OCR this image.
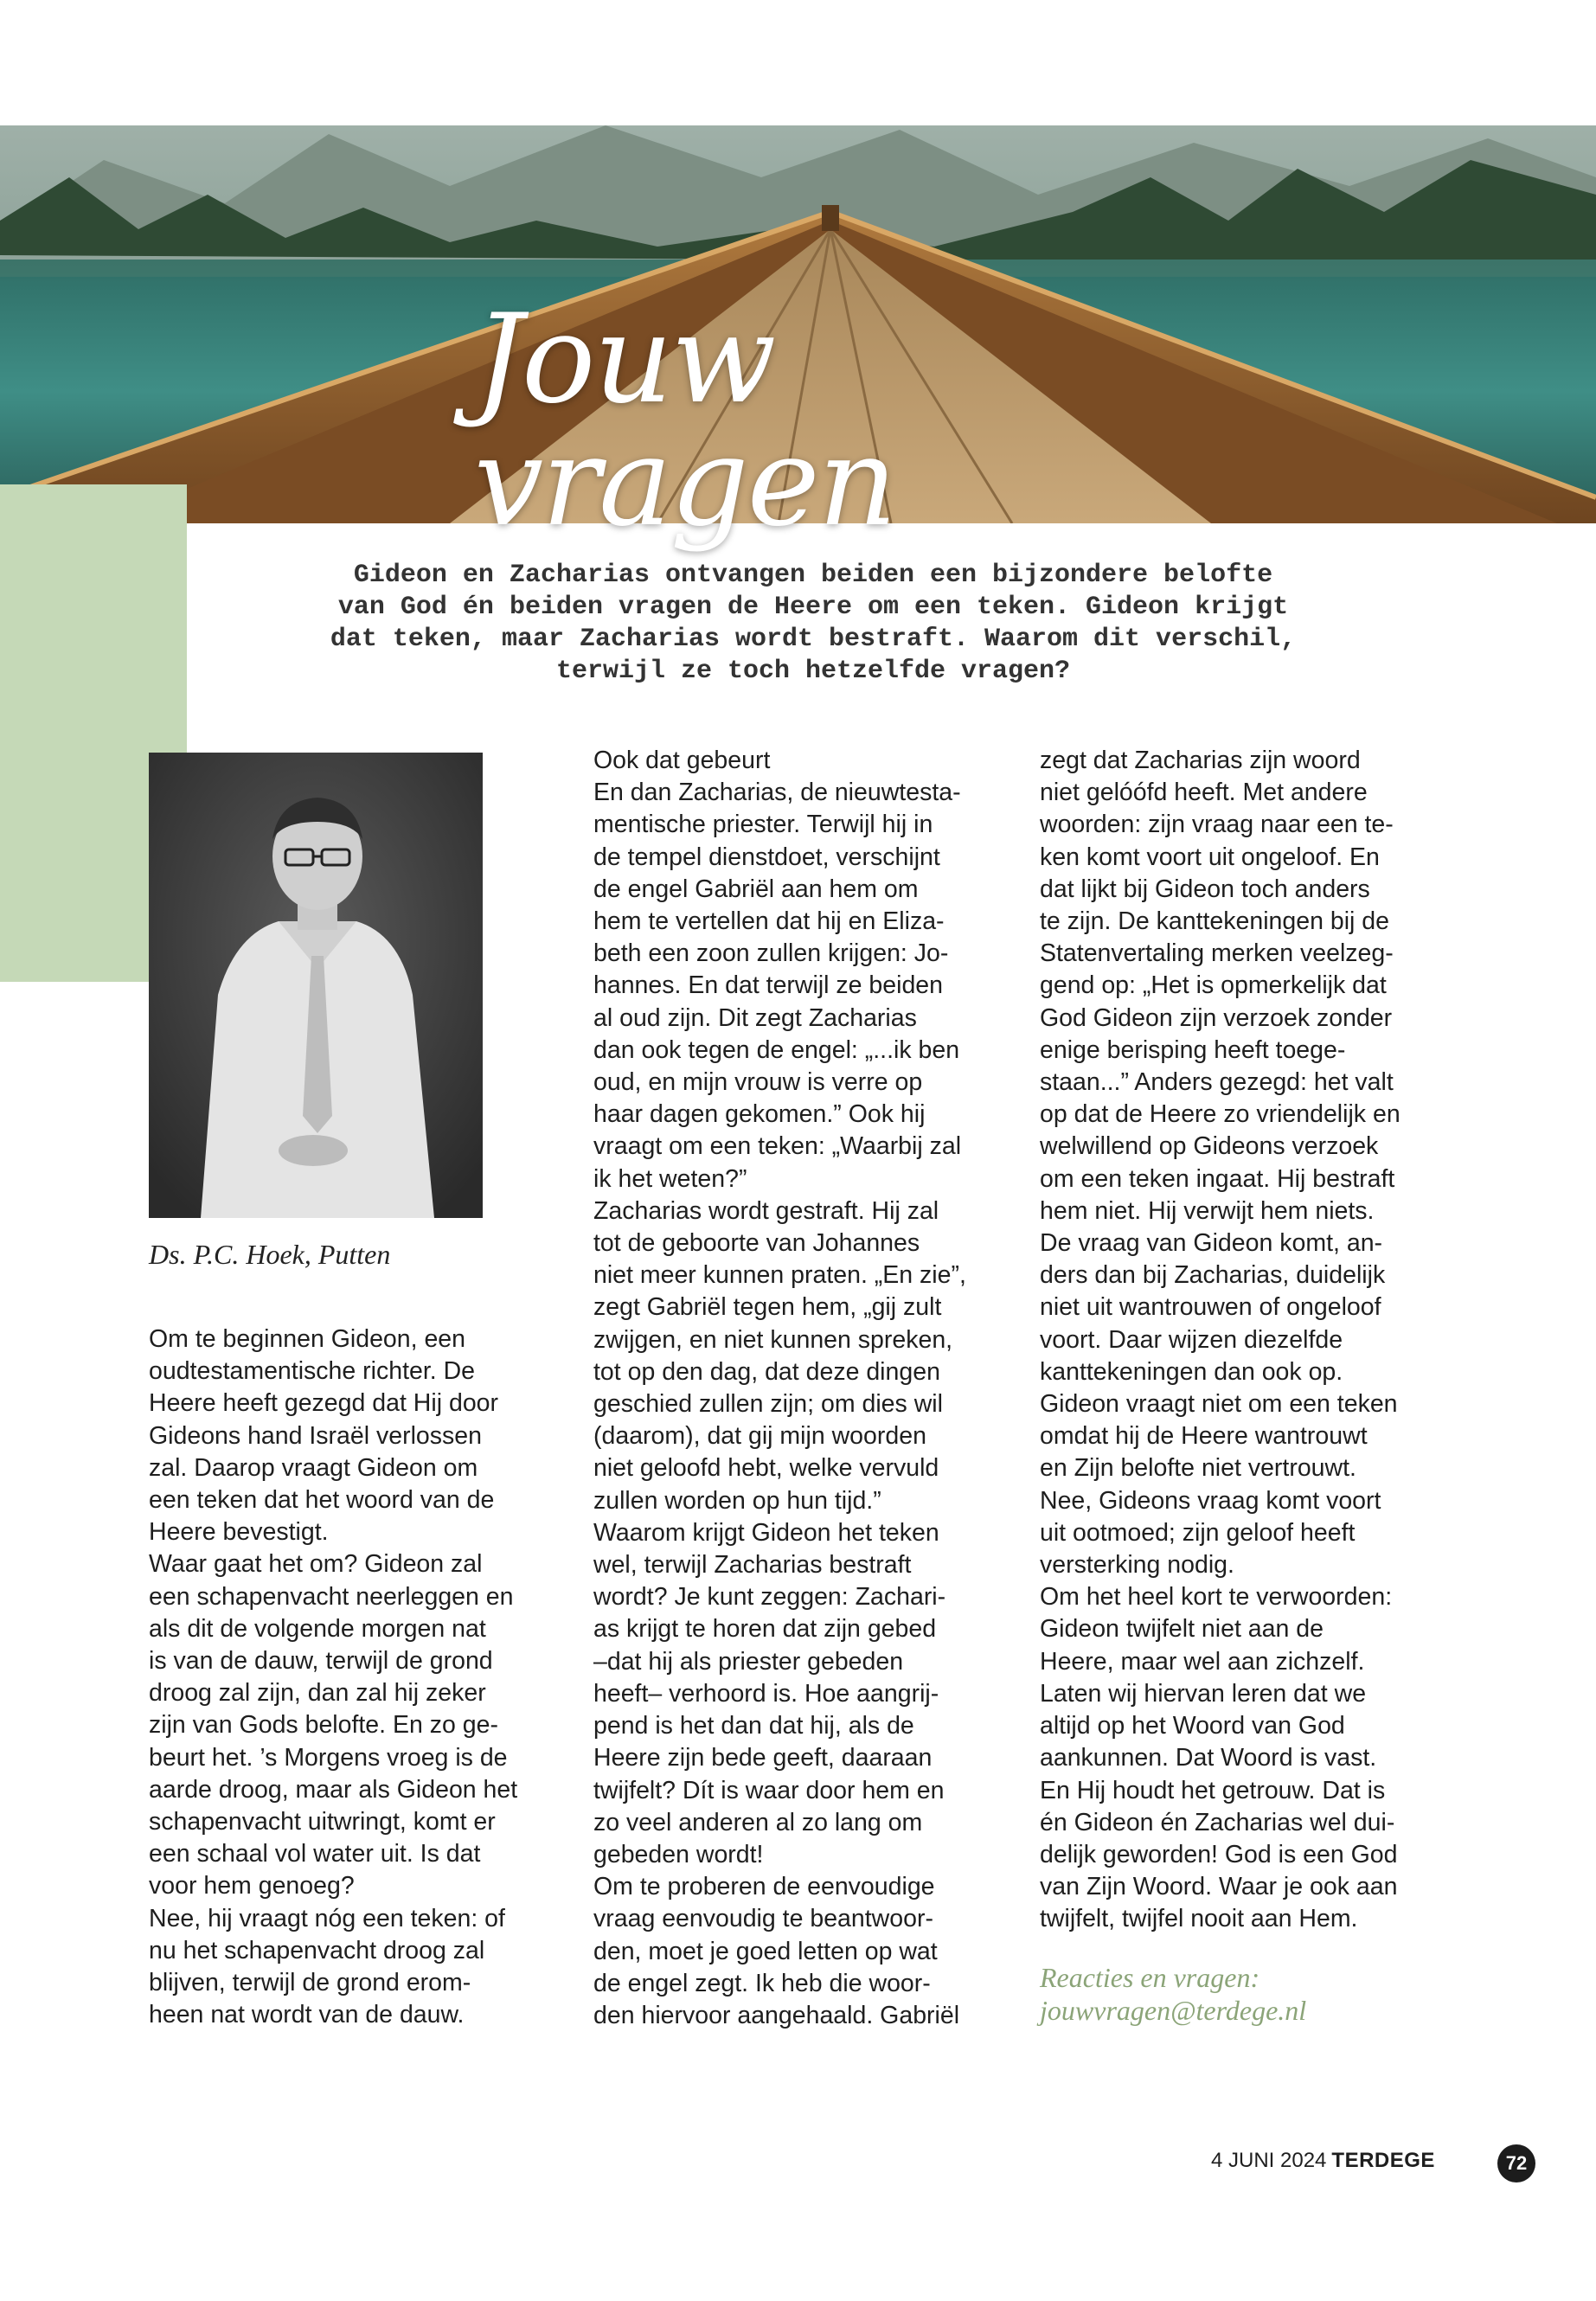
Jouw vragen
Gideon en Zacharias ontvangen beiden een bijzondere belofte
van God én beiden vragen de Heere om een teken. Gideon krijgt
dat teken, maar Zacharias wordt bestraft. Waarom dit verschil,
terwijl ze toch hetzelfde vragen?
Ds. P.C. Hoek, Putten
Om te beginnen Gideon, een
oudtestamentische richter. De
Heere heeft gezegd dat Hij door
Gideons hand Israël verlossen
zal. Daarop vraagt Gideon om
een teken dat het woord van de
Heere bevestigt.
Waar gaat het om? Gideon zal
een schapenvacht neerleggen en
als dit de volgende morgen nat
is van de dauw, terwijl de grond
droog zal zijn, dan zal hij zeker
zijn van Gods belofte. En zo ge-
beurt het. ’s Morgens vroeg is de
aarde droog, maar als Gideon het
schapenvacht uitwringt, komt er
een schaal vol water uit. Is dat
voor hem genoeg?
Nee, hij vraagt nóg een teken: of
nu het schapenvacht droog zal
blijven, terwijl de grond erom-
heen nat wordt van de dauw.
Ook dat gebeurt
En dan Zacharias, de nieuwtesta-
mentische priester. Terwijl hij in
de tempel dienstdoet, verschijnt
de engel Gabriël aan hem om
hem te vertellen dat hij en Eliza-
beth een zoon zullen krijgen: Jo-
hannes. En dat terwijl ze beiden
al oud zijn. Dit zegt Zacharias
dan ook tegen de engel: „...ik ben
oud, en mijn vrouw is verre op
haar dagen gekomen.” Ook hij
vraagt om een teken: „Waarbij zal
ik het weten?”
Zacharias wordt gestraft. Hij zal
tot de geboorte van Johannes
niet meer kunnen praten. „En zie”,
zegt Gabriël tegen hem, „gij zult
zwijgen, en niet kunnen spreken,
tot op den dag, dat deze dingen
geschied zullen zijn; om dies wil
(daarom), dat gij mijn woorden
niet geloofd hebt, welke vervuld
zullen worden op hun tijd.”
Waarom krijgt Gideon het teken
wel, terwijl Zacharias bestraft
wordt? Je kunt zeggen: Zachari-
as krijgt te horen dat zijn gebed
–dat hij als priester gebeden
heeft– verhoord is. Hoe aangrij-
pend is het dan dat hij, als de
Heere zijn bede geeft, daaraan
twijfelt? Dít is waar door hem en
zo veel anderen al zo lang om
gebeden wordt!
Om te proberen de eenvoudige
vraag eenvoudig te beantwoor-
den, moet je goed letten op wat
de engel zegt. Ik heb die woor-
den hiervoor aangehaald. Gabriël
zegt dat Zacharias zijn woord
niet gelóófd heeft. Met andere
woorden: zijn vraag naar een te-
ken komt voort uit ongeloof. En
dat lijkt bij Gideon toch anders
te zijn. De kanttekeningen bij de
Statenvertaling merken veelzeg-
gend op: „Het is opmerkelijk dat
God Gideon zijn verzoek zonder
enige berisping heeft toege-
staan...” Anders gezegd: het valt
op dat de Heere zo vriendelijk en
welwillend op Gideons verzoek
om een teken ingaat. Hij bestraft
hem niet. Hij verwijt hem niets.
De vraag van Gideon komt, an-
ders dan bij Zacharias, duidelijk
niet uit wantrouwen of ongeloof
voort. Daar wijzen diezelfde
kanttekeningen dan ook op.
Gideon vraagt niet om een teken
omdat hij de Heere wantrouwt
en Zijn belofte niet vertrouwt.
Nee, Gideons vraag komt voort
uit ootmoed; zijn geloof heeft
versterking nodig.
Om het heel kort te verwoorden:
Gideon twijfelt niet aan de
Heere, maar wel aan zichzelf.
Laten wij hiervan leren dat we
altijd op het Woord van God
aankunnen. Dat Woord is vast.
En Hij houdt het getrouw. Dat is
én Gideon én Zacharias wel dui-
delijk geworden! God is een God
van Zijn Woord. Waar je ook aan
twijfelt, twijfel nooit aan Hem.
Reacties en vragen:
jouwvragen@terdege.nl
4 JUNI 2024 TERDEGE	72
